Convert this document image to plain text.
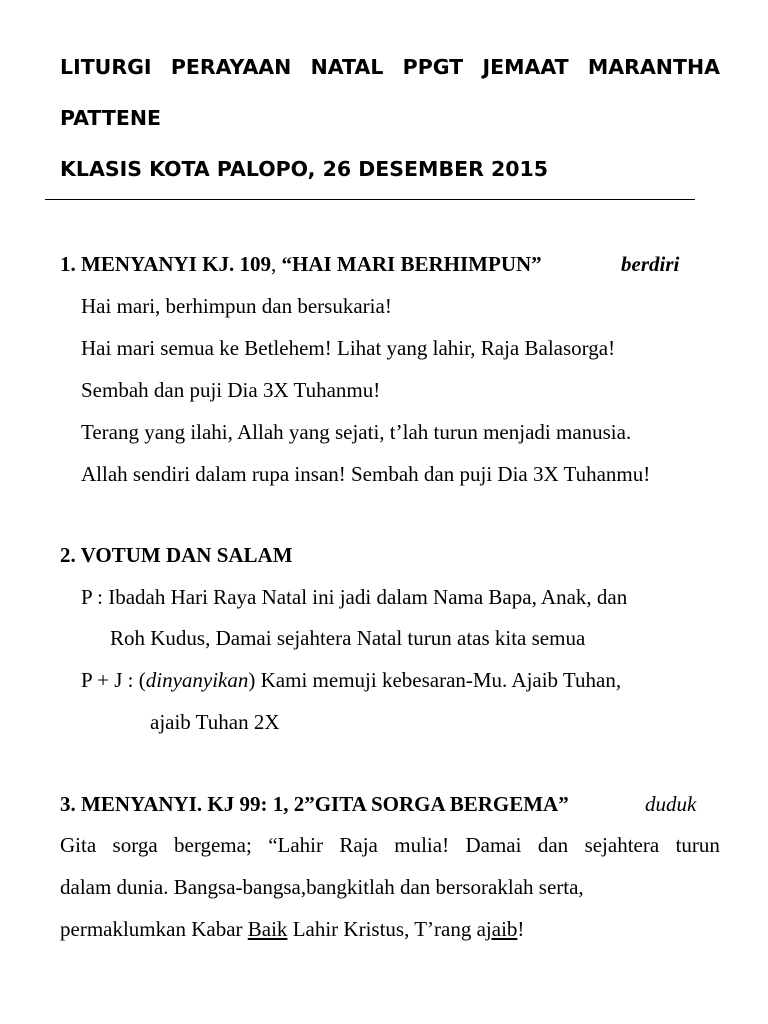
LITURGI PERAYAAN NATAL PPGT JEMAAT MARANTHA
PATTENE
KLASIS KOTA PALOPO, 26 DESEMBER 2015
1. MENYANYI KJ. 109, “HAI MARI BERHIMPUN”	berdiri
Hai mari, berhimpun dan bersukaria!
Hai mari semua ke Betlehem! Lihat yang lahir, Raja Balasorga!
Sembah dan puji Dia 3X Tuhanmu!
Terang yang ilahi, Allah yang sejati, t’lah turun menjadi manusia.
Allah sendiri dalam rupa insan! Sembah dan puji Dia 3X Tuhanmu!
2. VOTUM DAN SALAM
P : Ibadah Hari Raya Natal ini jadi dalam Nama Bapa, Anak, dan
Roh Kudus, Damai sejahtera Natal turun atas kita semua
P + J : (dinyanyikan) Kami memuji kebesaran-Mu. Ajaib Tuhan,
ajaib Tuhan 2X
3. MENYANYI. KJ 99: 1, 2”GITA SORGA BERGEMA”	duduk
Gita sorga bergema; “Lahir Raja mulia! Damai dan sejahtera turun
dalam dunia. Bangsa-bangsa,bangkitlah dan bersoraklah serta,
permaklumkan Kabar Baik Lahir Kristus, T’rang ajaib!
